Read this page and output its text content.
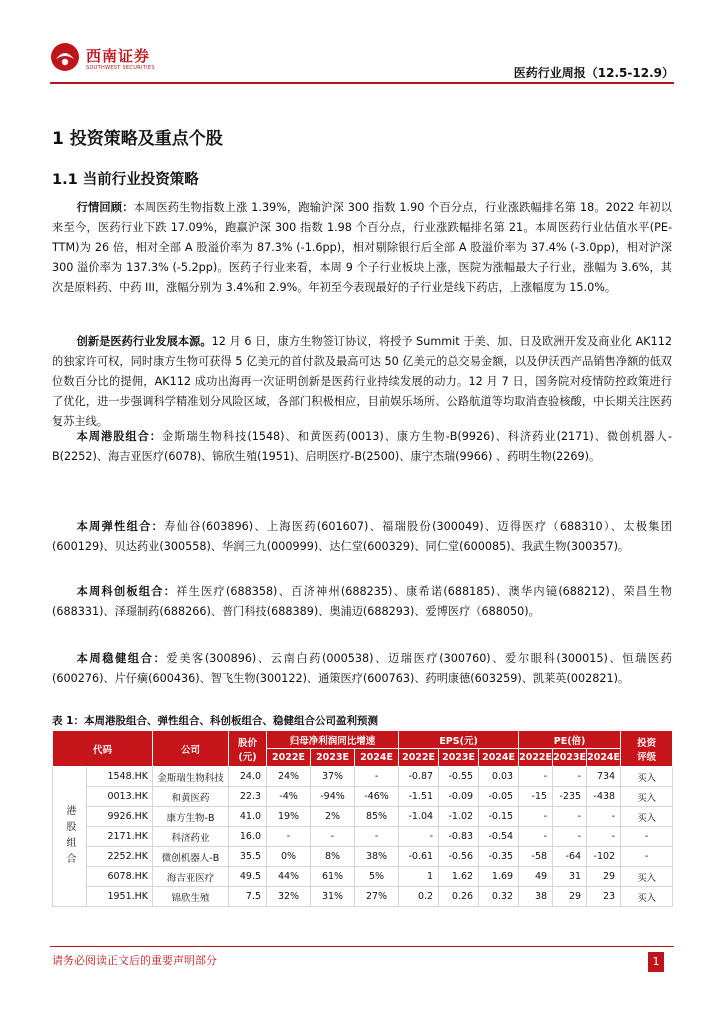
西南证券
SOUTHWEST SECURITIES	医药行业周报（12.5-12.9）
1 投资策略及重点个股
1.1 当前行业投资策略
行情回顾：本周医药生物指数上涨 1.39%，跑输沪深 300 指数 1.90 个百分点，行业涨跌幅排名第 18。2022 年初以来至今，医药行业下跌 17.09%，跑赢沪深 300 指数 1.98 个百分点，行业涨跌幅排名第 21。本周医药行业估值水平(PE-TTM)为 26 倍，相对全部 A 股溢价率为 87.3% (-1.6pp)，相对剔除银行后全部 A 股溢价率为 37.4% (-3.0pp)，相对沪深 300 溢价率为 137.3% (-5.2pp)。医药子行业来看，本周 9 个子行业板块上涨，医院为涨幅最大子行业，涨幅为 3.6%，其次是原料药、中药 III，涨幅分别为 3.4%和 2.9%。年初至今表现最好的子行业是线下药店，上涨幅度为 15.0%。
创新是医药行业发展本源。12 月 6 日，康方生物签订协议，将授予 Summit 于美、加、日及欧洲开发及商业化 AK112 的独家许可权，同时康方生物可获得 5 亿美元的首付款及最高可达 50 亿美元的总交易金额，以及伊沃西产品销售净额的低双位数百分比的提佣，AK112 成功出海再一次证明创新是医药行业持续发展的动力。12 月 7 日，国务院对疫情防控政策进行了优化，进一步强调科学精准划分风险区域，各部门积极相应，目前娱乐场所、公路航道等均取消查验核酸，中长期关注医药复苏主线。
本周港股组合：金斯瑞生物科技(1548)、和黄医药(0013)、康方生物-B(9926)、科济药业(2171)、微创机器人-B(2252)、海吉亚医疗(6078)、锦欣生殖(1951)、启明医疗-B(2500)、康宁杰瑞(9966) 、药明生物(2269)。
本周弹性组合：寿仙谷(603896)、上海医药(601607)、福瑞股份(300049)、迈得医疗（688310）、太极集团(600129)、贝达药业(300558)、华润三九(000999)、达仁堂(600329)、同仁堂(600085)、我武生物(300357)。
本周科创板组合：祥生医疗(688358)、百济神州(688235)、康希诺(688185)、澳华内镜(688212)、荣昌生物(688331)、泽璟制药(688266)、普门科技(688389)、奥浦迈(688293)、爱博医疗（688050)。
本周稳健组合：爱美客(300896)、云南白药(000538)、迈瑞医疗(300760)、爱尔眼科(300015)、恒瑞医药(600276)、片仔癀(600436)、智飞生物(300122)、通策医疗(600763)、药明康德(603259)、凯莱英(002821)。
表 1：本周港股组合、弹性组合、科创板组合、稳健组合公司盈利预测
代码		公司	股价
(元)	归母净利润同比增速			EPS(元)			PE(倍)			投资
评级
				2022E	2023E	2024E	2022E	2023E	2024E	2022E	2023E	2024E	
港股组合	1548.HK	金斯瑞生物科技	24.0	24%	37%	-	-0.87	-0.55	0.03	-	-	734	买入
	0013.HK	和黄医药	22.3	-4%	-94%	-46%	-1.51	-0.09	-0.05	-15	-235	-438	买入
	9926.HK	康方生物-B	41.0	19%	2%	85%	-1.04	-1.02	-0.15	-	-	-	买入
	2171.HK	科济药业	16.0	-	-	-	-	-0.83	-0.54	-	-	-	-
	2252.HK	微创机器人-B	35.5	0%	8%	38%	-0.61	-0.56	-0.35	-58	-64	-102	-
	6078.HK	海吉亚医疗	49.5	44%	61%	5%	1	1.62	1.69	49	31	29	买入
	1951.HK	锦欣生殖	7.5	32%	31%	27%	0.2	0.26	0.32	38	29	23	买入
请务必阅读正文后的重要声明部分	1
